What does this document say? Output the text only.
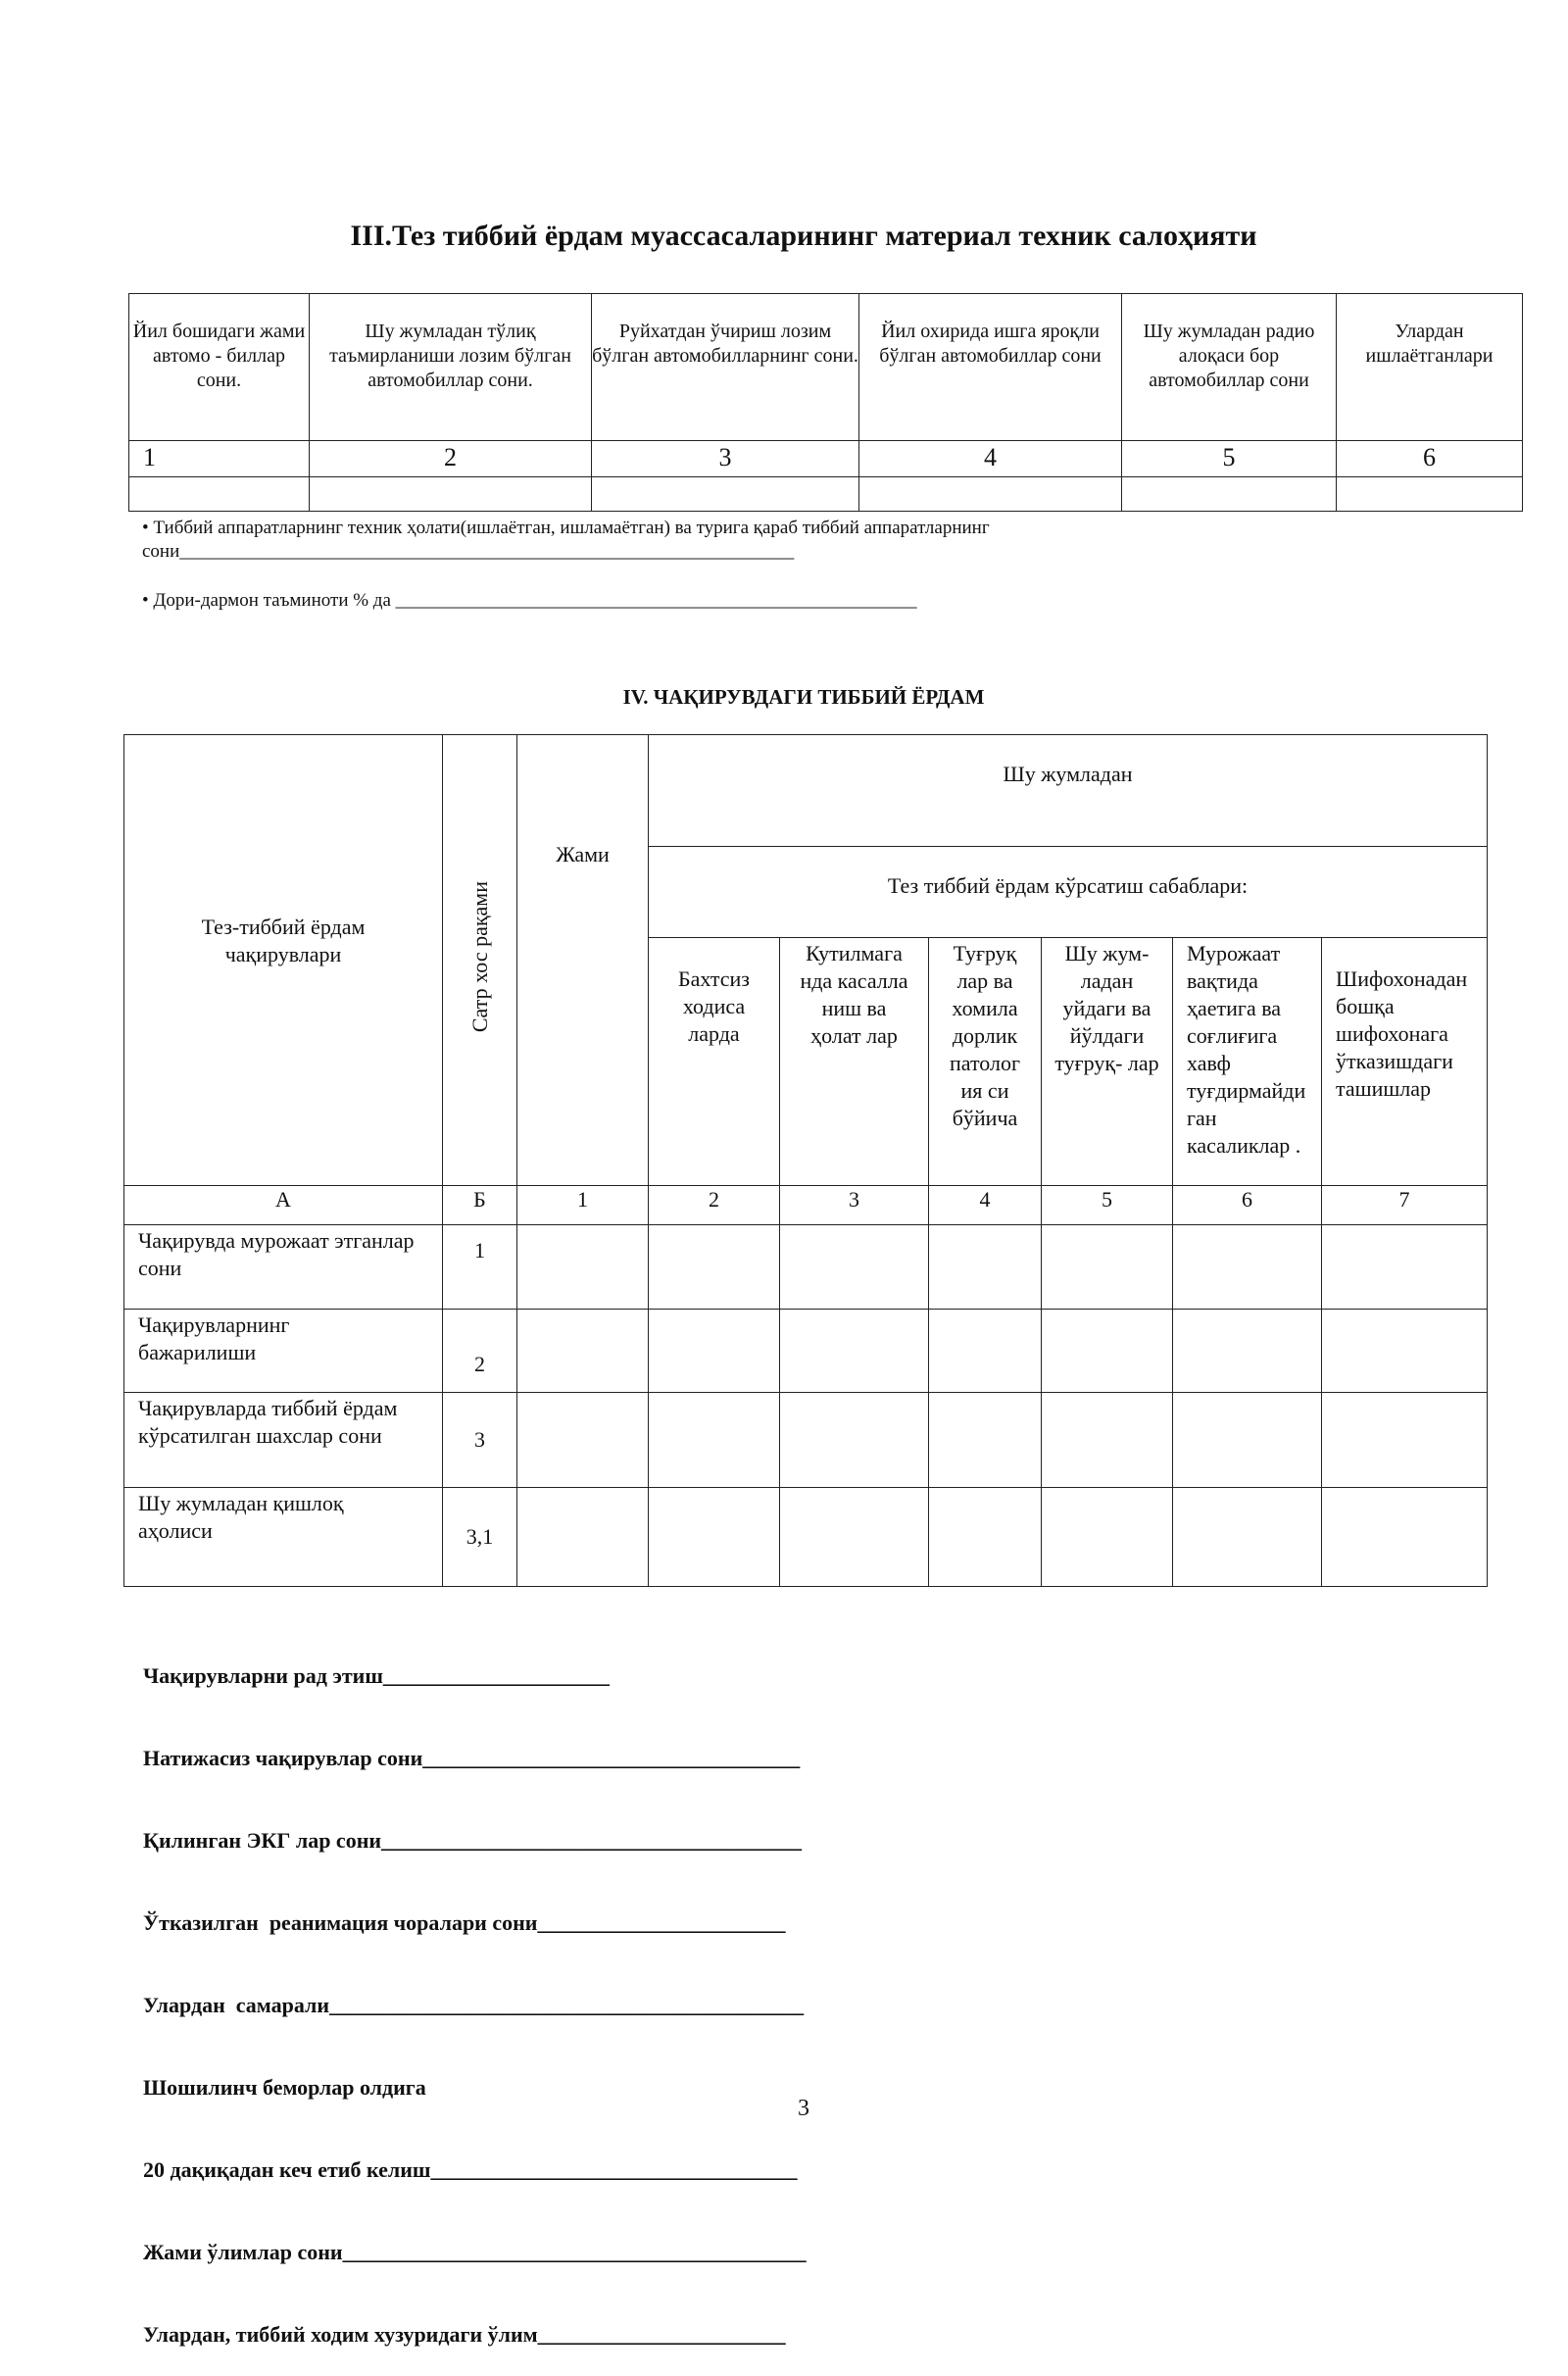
III.Тез тиббий ёрдам муассасаларининг материал техник салоҳияти
Йил бошидаги жами автомо - биллар сони.	Шу жумладан тўлиқ таъмирланиши лозим бўлган автомобиллар сони.	Руйхатдан ўчириш лозим бўлган автомобилларнинг сони.	Йил охирида ишга яроқли бўлган автомобиллар сони	Шу жумладан радио алоқаси бор автомобиллар сони	Улардан ишлаётганлари
1	2	3	4	5	6

• Тиббий аппаратларнинг техник ҳолати(ишлаётган, ишламаётган) ва турига қараб тиббий аппаратларнинг
сони__________________________________________________________________
• Дори-дармон таъминоти % да ________________________________________________________
IV. ЧАҚИРУВДАГИ ТИББИЙ ЁРДАМ
Тез-тиббий ёрдам чақирувлари	Сатр хос рақами	Жами	Шу жумладан					
			Тез тиббий ёрдам кўрсатиш сабаблари:					

			Бахтсиз ходиса ларда	Кутилмага нда касалла ниш ва ҳолат лар	Туғруқ лар ва хомила дорлик патолог ия си бўйича	Шу жум- ладан уйдаги ва йўлдаги туғруқ- лар	Мурожаат вақтида ҳаетига ва соғлиғига хавф туғдирмайди ган касаликлар .	Шифохонадан бошқа шифохонага ўтказишдаги ташишлар

А	Б	1	2	3	4	5	6	7
Чақирувда мурожаат этганлар сони	1							

Чақирувларнинг бажарилиши	2							

Чақирувларда тиббий ёрдам кўрсатилган шахслар сони	3							

Шу жумладан қишлоқ аҳолиси	3,1							

Чақирувларни рад этиш_____________________

Натижасиз чақирувлар сони___________________________________

Қилинган ЭКГ лар сони_______________________________________

Ўтказилган  реанимация чоралари сони_______________________

Улардан  самарали____________________________________________

Шошилинч беморлар олдига

20 дақиқадан кеч етиб келиш__________________________________

Жами ўлимлар сони___________________________________________

Улардан, тиббий ходим хузуридаги ўлим_______________________

3
